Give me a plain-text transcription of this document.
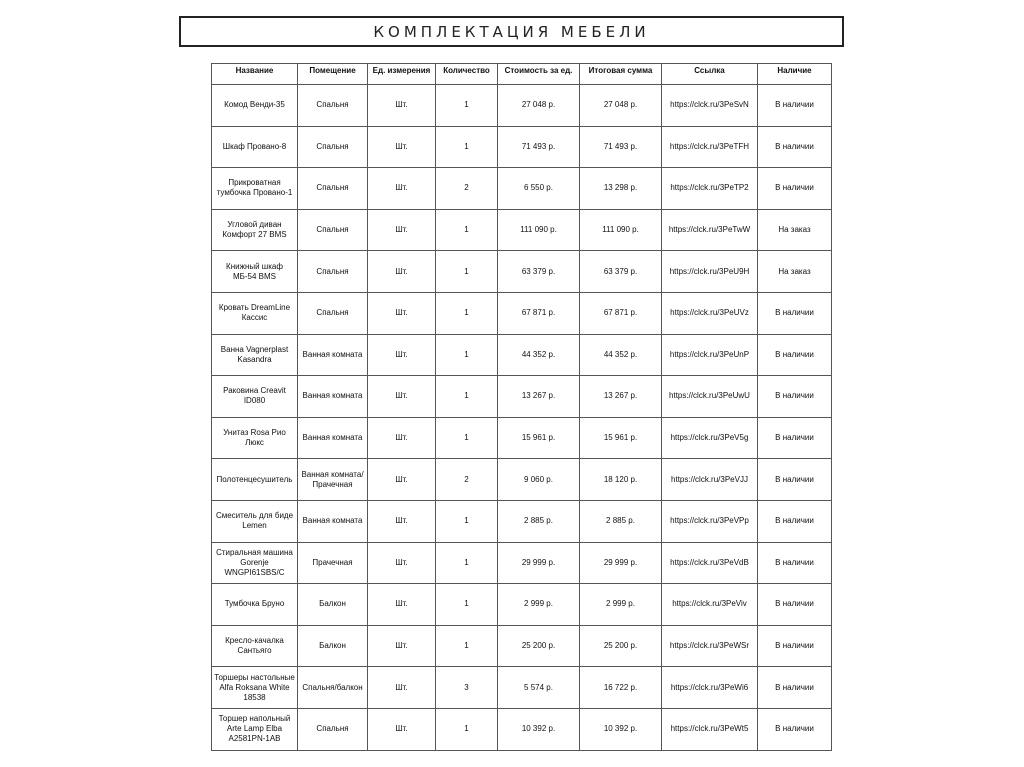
КОМПЛЕКТАЦИЯ МЕБЕЛИ
Название	Помещение	Ед. измерения	Количество	Стоимость за ед.	Итоговая сумма	Ссылка	Наличие
Комод Венди-35	Спальня	Шт.	1	27 048 р.	27 048 р.	https://clck.ru/3PeSvN	В наличии
Шкаф Провано-8	Спальня	Шт.	1	71 493 р.	71 493 р.	https://clck.ru/3PeTFH	В наличии
Прикроватная тумбочка Провано-1	Спальня	Шт.	2	6 550 р.	13 298 р.	https://clck.ru/3PeTP2	В наличии
Угловой диван Комфорт 27 BMS	Спальня	Шт.	1	111 090 р.	111 090 р.	https://clck.ru/3PeTwW	На заказ
Книжный шкаф МБ-54 BMS	Спальня	Шт.	1	63 379 р.	63 379 р.	https://clck.ru/3PeU9H	На заказ
Кровать DreamLine Кассис	Спальня	Шт.	1	67 871 р.	67 871 р.	https://clck.ru/3PeUVz	В наличии
Ванна Vagnerplast Kasandra	Ванная комната	Шт.	1	44 352 р.	44 352 р.	https://clck.ru/3PeUnP	В наличии
Раковина Creavit ID080	Ванная комната	Шт.	1	13 267 р.	13 267 р.	https://clck.ru/3PeUwU	В наличии
Унитаз Rosa Рио Люкс	Ванная комната	Шт.	1	15 961 р.	15 961 р.	https://clck.ru/3PeV5g	В наличии
Полотенцесушитель	Ванная комната/Прачечная	Шт.	2	9 060 р.	18 120 р.	https://clck.ru/3PeVJJ	В наличии
Смеситель для биде Lemen	Ванная комната	Шт.	1	2 885 р.	2 885 р.	https://clck.ru/3PeVPp	В наличии
Стиральная машина Gorenje WNGPI61SBS/C	Прачечная	Шт.	1	29 999 р.	29 999 р.	https://clck.ru/3PeVdB	В наличии
Тумбочка Бруно	Балкон	Шт.	1	2 999 р.	2 999 р.	https://clck.ru/3PeViv	В наличии
Кресло-качалка Сантьяго	Балкон	Шт.	1	25 200 р.	25 200 р.	https://clck.ru/3PeWSr	В наличии
Торшеры настольные Alfa Roksana White 18538	Спальня/балкон	Шт.	3	5 574 р.	16 722 р.	https://clck.ru/3PeWi6	В наличии
Торшер напольный Arte Lamp Elba A2581PN-1AB	Спальня	Шт.	1	10 392 р.	10 392 р.	https://clck.ru/3PeWt5	В наличии
